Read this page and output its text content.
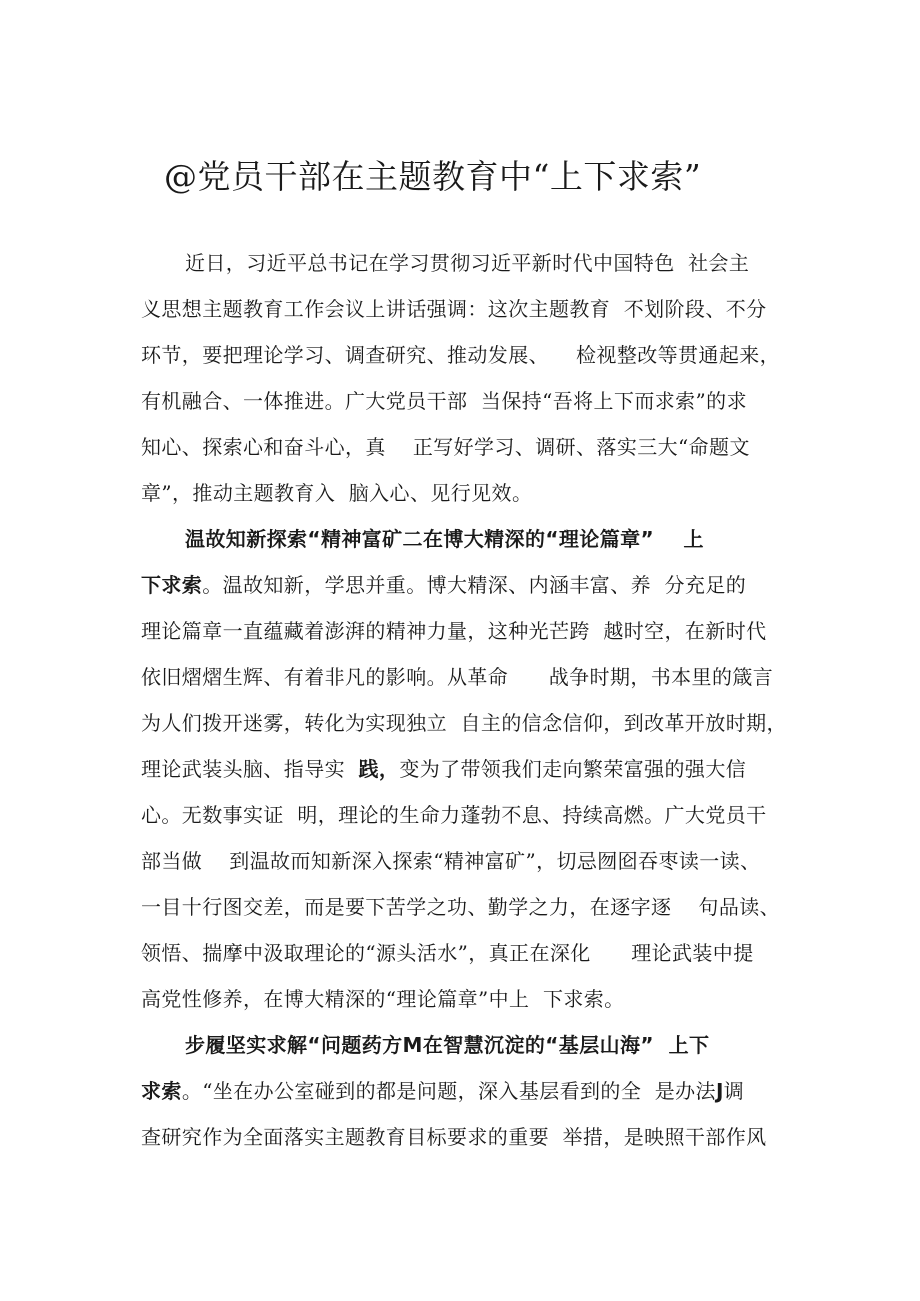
@党员干部在主题教育中“上下求索”
近日，习近平总书记在学习贯彻习近平新时代中国特色  社会主
义思想主题教育工作会议上讲话强调：这次主题教育  不划阶段、不分
环节，要把理论学习、调查研究、推动发展、    检视整改等贯通起来，
有机融合、一体推进。广大党员干部  当保持“吾将上下而求索”的求
知心、探索心和奋斗心，真    正写好学习、调研、落实三大“命题文
章”，推动主题教育入  脑入心、见行见效。
温故知新探索“精神富矿二在博大精深的“理论篇章”    上
下求索。温故知新，学思并重。博大精深、内涵丰富、养  分充足的
理论篇章一直蕴藏着澎湃的精神力量，这种光芒跨  越时空，在新时代
依旧熠熠生辉、有着非凡的影响。从革命      战争时期，书本里的箴言
为人们拨开迷雾，转化为实现独立  自主的信念信仰，到改革开放时期，
理论武装头脑、指导实  践，变为了带领我们走向繁荣富强的强大信
心。无数事实证  明，理论的生命力蓬勃不息、持续高燃。广大党员干
部当做    到温故而知新深入探索“精神富矿”，切忌囫囵吞枣读一读、
一目十行图交差，而是要下苦学之功、勤学之力，在逐字逐    句品读、
领悟、揣摩中汲取理论的“源头活水”，真正在深化      理论武装中提
高党性修养，在博大精深的“理论篇章”中上  下求索。
步履坚实求解“问题药方M在智慧沉淀的“基层山海”  上下
求索。“坐在办公室碰到的都是问题，深入基层看到的全  是办法J调
查研究作为全面落实主题教育目标要求的重要  举措，是映照干部作风
